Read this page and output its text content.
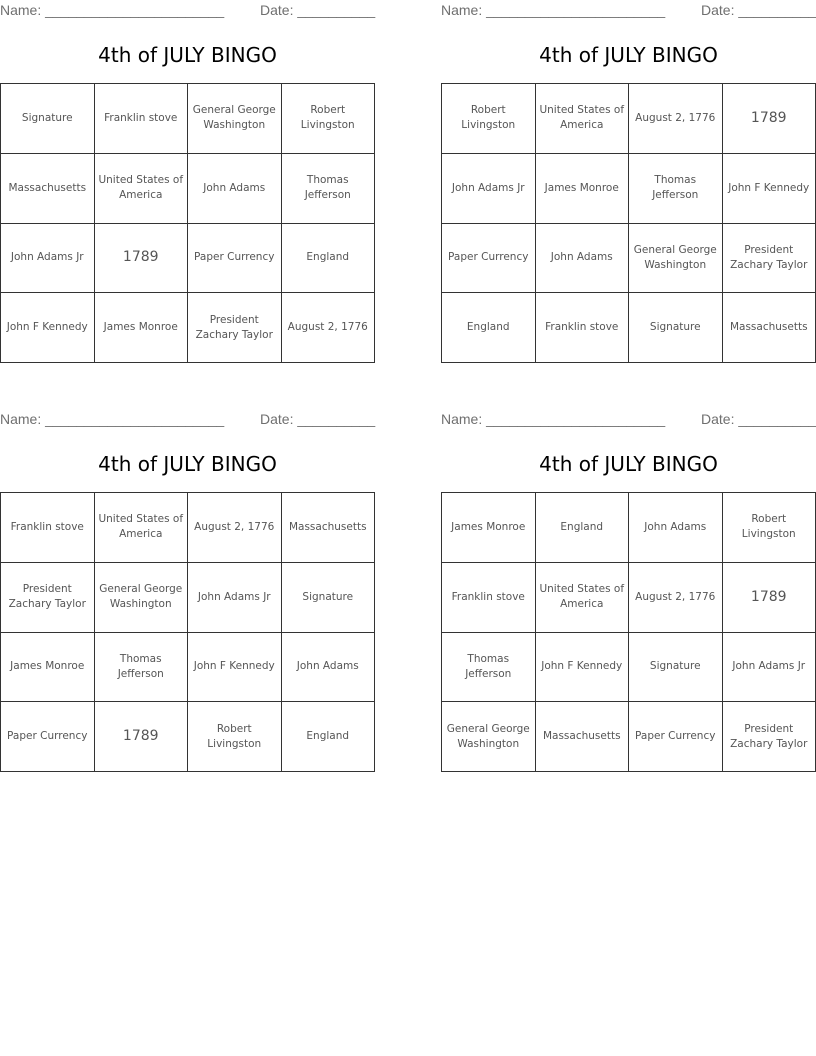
Name: _______________________	Date: __________
4th of JULY BINGO
Signature	Franklin stove	General George Washington	Robert Livingston
Massachusetts	United States of America	John Adams	Thomas Jefferson
John Adams Jr	1789	Paper Currency	England
John F Kennedy	James Monroe	President Zachary Taylor	August 2, 1776
Name: _______________________	Date: __________
4th of JULY BINGO
Robert Livingston	United States of America	August 2, 1776	1789
John Adams Jr	James Monroe	Thomas Jefferson	John F Kennedy
Paper Currency	John Adams	General George Washington	President Zachary Taylor
England	Franklin stove	Signature	Massachusetts
Name: _______________________	Date: __________
4th of JULY BINGO
Franklin stove	United States of America	August 2, 1776	Massachusetts
President Zachary Taylor	General George Washington	John Adams Jr	Signature
James Monroe	Thomas Jefferson	John F Kennedy	John Adams
Paper Currency	1789	Robert Livingston	England
Name: _______________________	Date: __________
4th of JULY BINGO
James Monroe	England	John Adams	Robert Livingston
Franklin stove	United States of America	August 2, 1776	1789
Thomas Jefferson	John F Kennedy	Signature	John Adams Jr
General George Washington	Massachusetts	Paper Currency	President Zachary Taylor
